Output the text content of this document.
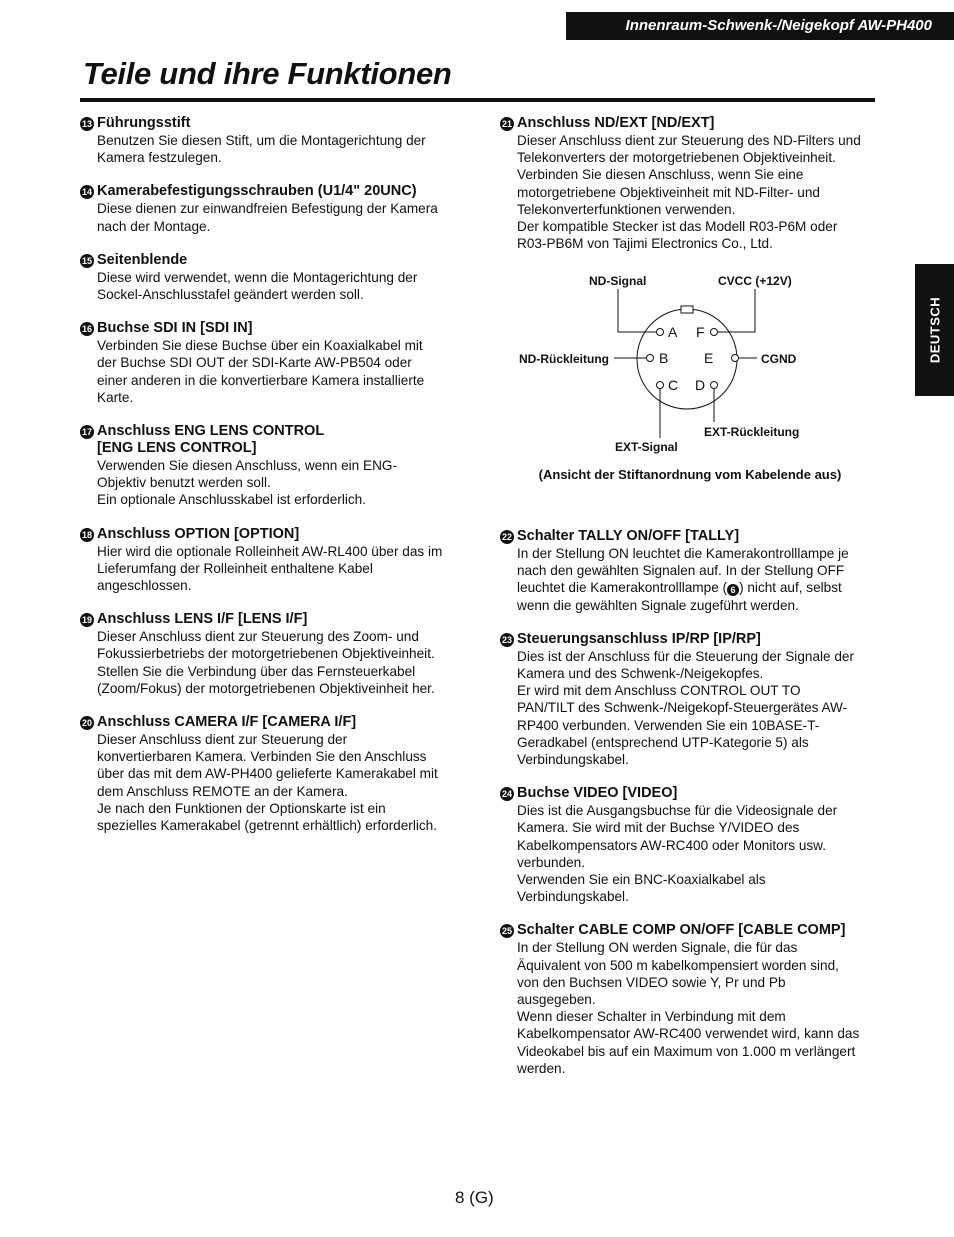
Innenraum-Schwenk-/Neigekopf AW-PH400
Teile und ihre Funktionen
DEUTSCH
13 Führungsstift
Benutzen Sie diesen Stift, um die Montagerichtung der
Kamera festzulegen.
14 Kamerabefestigungsschrauben (U1/4" 20UNC)
Diese dienen zur einwandfreien Befestigung der Kamera
nach der Montage.
15 Seitenblende
Diese wird verwendet, wenn die Montagerichtung der
Sockel-Anschlusstafel geändert werden soll.
16 Buchse SDI IN [SDI IN]
Verbinden Sie diese Buchse über ein Koaxialkabel mit
der Buchse SDI OUT der SDI-Karte AW-PB504 oder
einer anderen in die konvertierbare Kamera installierte
Karte.
17 Anschluss ENG LENS CONTROL
[ENG LENS CONTROL]
Verwenden Sie diesen Anschluss, wenn ein ENG-
Objektiv benutzt werden soll.
Ein optionale Anschlusskabel ist erforderlich.
18 Anschluss OPTION [OPTION]
Hier wird die optionale Rolleinheit AW-RL400 über das im
Lieferumfang der Rolleinheit enthaltene Kabel
angeschlossen.
19 Anschluss LENS I/F [LENS I/F]
Dieser Anschluss dient zur Steuerung des Zoom- und
Fokussierbetriebs der motorgetriebenen Objektiveinheit.
Stellen Sie die Verbindung über das Fernsteuerkabel
(Zoom/Fokus) der motorgetriebenen Objektiveinheit her.
20 Anschluss CAMERA I/F [CAMERA I/F]
Dieser Anschluss dient zur Steuerung der
konvertierbaren Kamera. Verbinden Sie den Anschluss
über das mit dem AW-PH400 gelieferte Kamerakabel mit
dem Anschluss REMOTE an der Kamera.
Je nach den Funktionen der Optionskarte ist ein
spezielles Kamerakabel (getrennt erhältlich) erforderlich.
21 Anschluss ND/EXT [ND/EXT]
Dieser Anschluss dient zur Steuerung des ND-Filters und
Telekonverters der motorgetriebenen Objektiveinheit.
Verbinden Sie diesen Anschluss, wenn Sie eine
motorgetriebene Objektiveinheit mit ND-Filter- und
Telekonverterfunktionen verwenden.
Der kompatible Stecker ist das Modell R03-P6M oder
R03-PB6M von Tajimi Electronics Co., Ltd.
ND-Signal	CVCC (+12V)
ND-Rückleitung	CGND
EXT-Rückleitung
EXT-Signal
A
B
C D
E
F
(Ansicht der Stiftanordnung vom Kabelende aus)
22 Schalter TALLY ON/OFF [TALLY]
In der Stellung ON leuchtet die Kamerakontrolllampe je
nach den gewählten Signalen auf. In der Stellung OFF
leuchtet die Kamerakontrolllampe ( 6 ) nicht auf, selbst
wenn die gewählten Signale zugeführt werden.
23 Steuerungsanschluss IP/RP [IP/RP]
Dies ist der Anschluss für die Steuerung der Signale der
Kamera und des Schwenk-/Neigekopfes.
Er wird mit dem Anschluss CONTROL OUT TO
PAN/TILT des Schwenk-/Neigekopf-Steuergerätes AW-
RP400 verbunden. Verwenden Sie ein 10BASE-T-
Geradkabel (entsprechend UTP-Kategorie 5) als
Verbindungskabel.
24 Buchse VIDEO [VIDEO]
Dies ist die Ausgangsbuchse für die Videosignale der
Kamera. Sie wird mit der Buchse Y/VIDEO des
Kabelkompensators AW-RC400 oder Monitors usw.
verbunden.
Verwenden Sie ein BNC-Koaxialkabel als
Verbindungskabel.
25 Schalter CABLE COMP ON/OFF [CABLE COMP]
In der Stellung ON werden Signale, die für das
Äquivalent von 500 m kabelkompensiert worden sind,
von den Buchsen VIDEO sowie Y, Pr und Pb
ausgegeben.
Wenn dieser Schalter in Verbindung mit dem
Kabelkompensator AW-RC400 verwendet wird, kann das
Videokabel bis auf ein Maximum von 1.000 m verlängert
werden.
8 (G)
